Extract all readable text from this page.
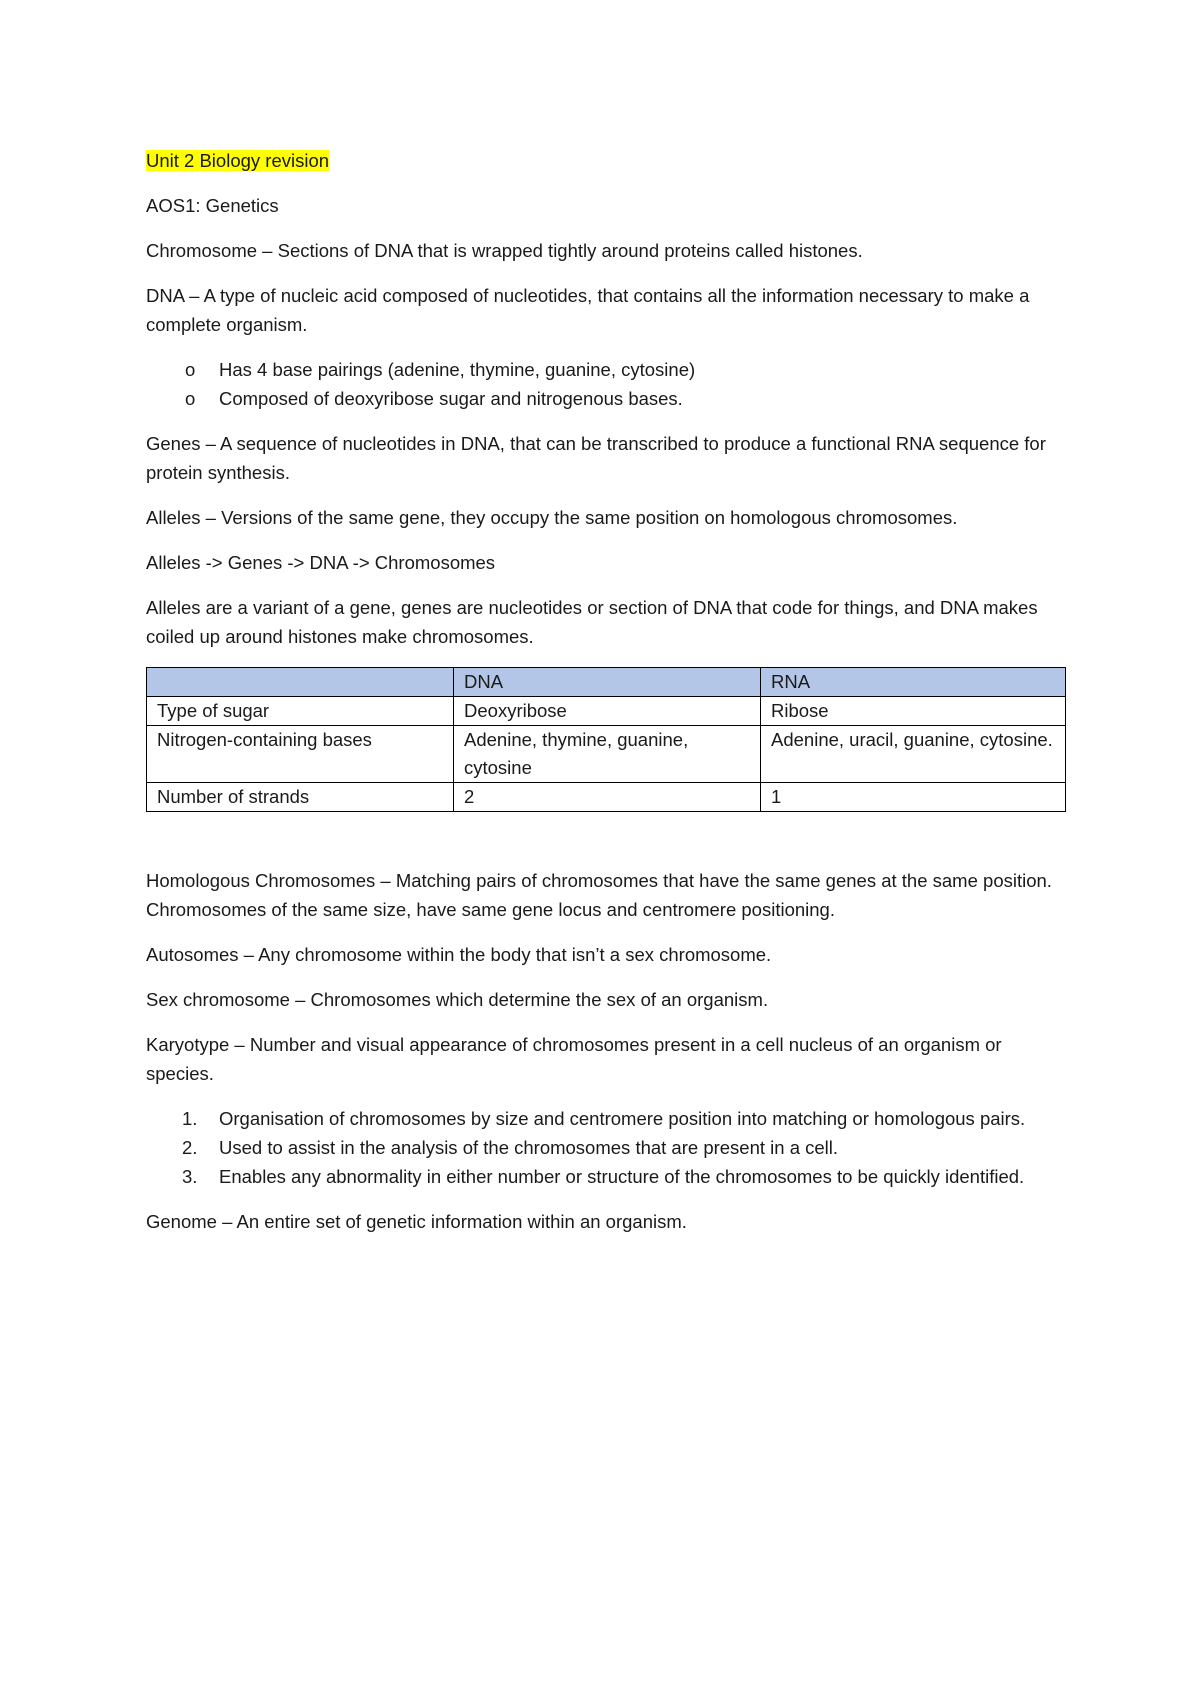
Unit 2 Biology revision

AOS1: Genetics

Chromosome – Sections of DNA that is wrapped tightly around proteins called histones.

DNA – A type of nucleic acid composed of nucleotides, that contains all the information necessary to make a complete organism.

o Has 4 base pairings (adenine, thymine, guanine, cytosine)
o Composed of deoxyribose sugar and nitrogenous bases.

Genes – A sequence of nucleotides in DNA, that can be transcribed to produce a functional RNA sequence for protein synthesis.

Alleles – Versions of the same gene, they occupy the same position on homologous chromosomes.

Alleles -> Genes -> DNA -> Chromosomes

Alleles are a variant of a gene, genes are nucleotides or section of DNA that code for things, and DNA makes coiled up around histones make chromosomes.

	DNA	RNA
Type of sugar	Deoxyribose	Ribose
Nitrogen-containing bases	Adenine, thymine, guanine, cytosine	Adenine, uracil, guanine, cytosine.
Number of strands	2	1

Homologous Chromosomes – Matching pairs of chromosomes that have the same genes at the same position. Chromosomes of the same size, have same gene locus and centromere positioning.

Autosomes – Any chromosome within the body that isn’t a sex chromosome.

Sex chromosome – Chromosomes which determine the sex of an organism.

Karyotype – Number and visual appearance of chromosomes present in a cell nucleus of an organism or species.

1. Organisation of chromosomes by size and centromere position into matching or homologous pairs.
2. Used to assist in the analysis of the chromosomes that are present in a cell.
3. Enables any abnormality in either number or structure of the chromosomes to be quickly identified.

Genome – An entire set of genetic information within an organism.
